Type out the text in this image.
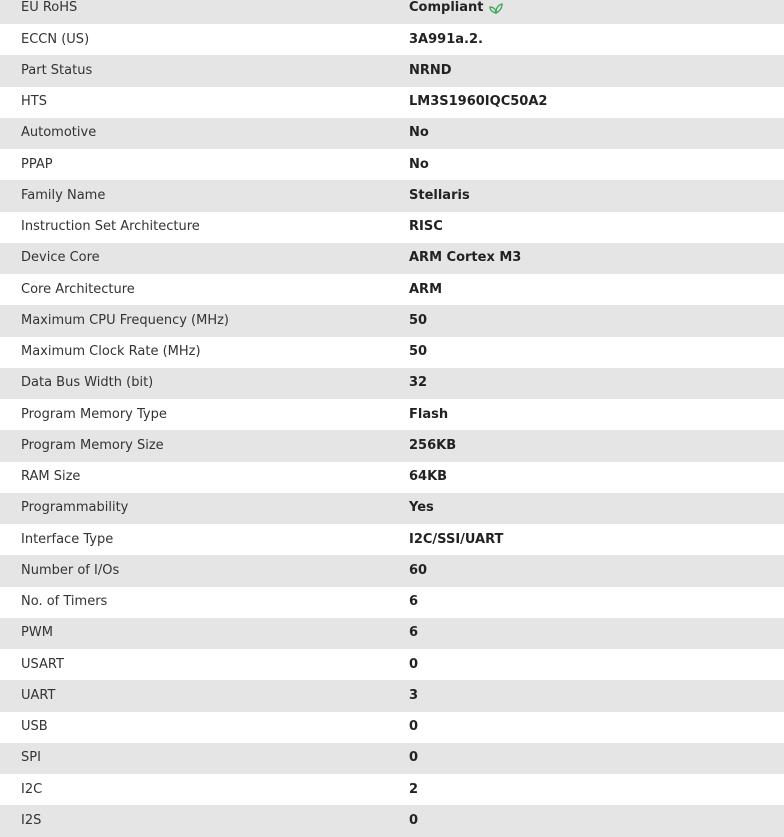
EU RoHS	Compliant
ECCN (US)	3A991a.2.
Part Status	NRND
HTS	LM3S1960IQC50A2
Automotive	No
PPAP	No
Family Name	Stellaris
Instruction Set Architecture	RISC
Device Core	ARM Cortex M3
Core Architecture	ARM
Maximum CPU Frequency (MHz)	50
Maximum Clock Rate (MHz)	50
Data Bus Width (bit)	32
Program Memory Type	Flash
Program Memory Size	256KB
RAM Size	64KB
Programmability	Yes
Interface Type	I2C/SSI/UART
Number of I/Os	60
No. of Timers	6
PWM	6
USART	0
UART	3
USB	0
SPI	0
I2C	2
I2S	0
